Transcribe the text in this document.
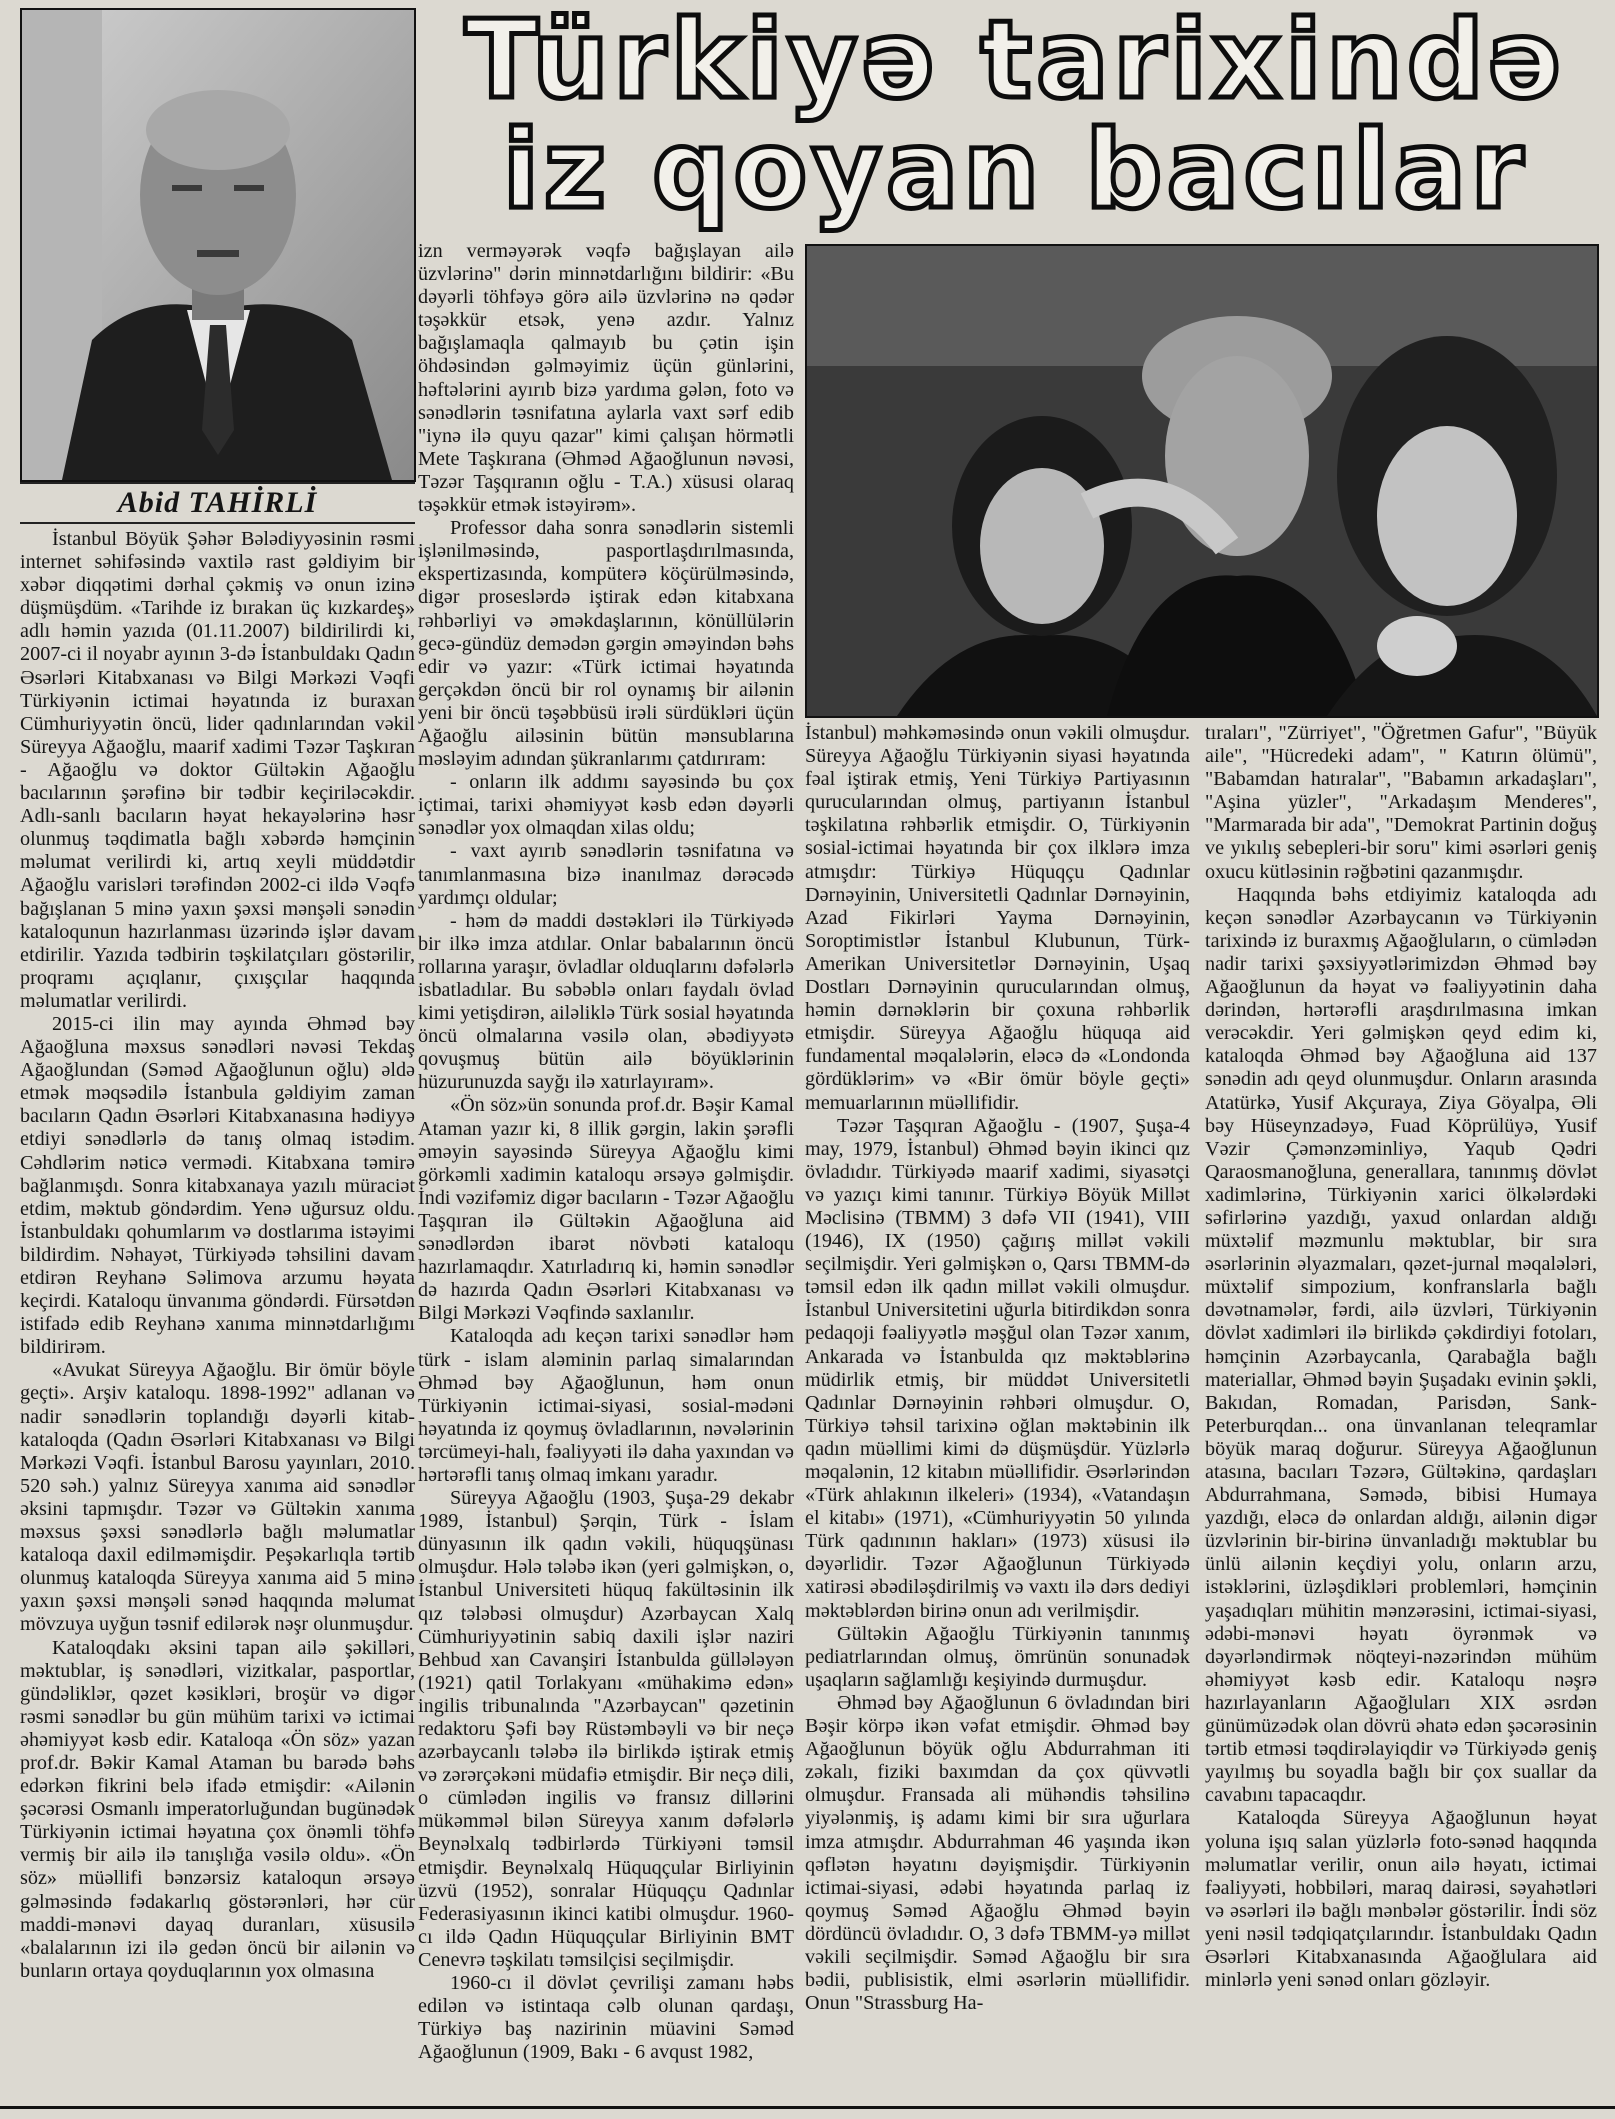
Türkiyə tarixində
iz qoyan bacılar
Abid TAHİRLİ

İstanbul Böyük Şəhər Bələdiyyəsinin rəsmi internet səhifəsində vaxtilə rast gəldiyim bir xəbər diqqətimi dərhal çəkmiş və onun izinə düşmüşdüm. «Tarihde iz bırakan üç kızkardeş» adlı həmin yazıda (01.11.2007) bildirilirdi ki, 2007-ci il noyabr ayının 3-də İstanbuldakı Qadın Əsərləri Kitabxanası və Bilgi Mərkəzi Vəqfi Türkiyənin ictimai həyatında iz buraxan Cümhuriyyətin öncü, lider qadınlarından vəkil Süreyya Ağaoğlu, maarif xadimi Təzər Taşkıran - Ağaoğlu və doktor Gültəkin Ağaoğlu bacılarının şərəfinə bir tədbir keçiriləcəkdir. Adlı-sanlı bacıların həyat hekayələrinə həsr olunmuş təqdimatla bağlı xəbərdə həmçinin məlumat verilirdi ki, artıq xeyli müddətdir Ağaoğlu varisləri tərəfindən 2002-ci ildə Vəqfə bağışlanan 5 minə yaxın şəxsi mənşəli sənədin kataloqunun hazırlanması üzərində işlər davam etdirilir. Yazıda tədbirin təşkilatçıları göstərilir, proqramı açıqlanır, çıxışçılar haqqında məlumatlar verilirdi.

2015-ci ilin may ayında Əhməd bəy Ağaoğluna məxsus sənədləri nəvəsi Tekdaş Ağaoğlundan (Səməd Ağaoğlunun oğlu) əldə etmək məqsədilə İstanbula gəldiyim zaman bacıların Qadın Əsərləri Kitabxanasına hədiyyə etdiyi sənədlərlə də tanış olmaq istədim. Cəhdlərim nəticə vermədi. Kitabxana təmirə bağlanmışdı. Sonra kitabxanaya yazılı müraciət etdim, məktub göndərdim. Yenə uğursuz oldu. İstanbuldakı qohumlarım və dostlarıma istəyimi bildirdim. Nəhayət, Türkiyədə təhsilini davam etdirən Reyhanə Səlimova arzumu həyata keçirdi. Kataloqu ünvanıma göndərdi. Fürsətdən istifadə edib Reyhanə xanıma minnətdarlığımı bildirirəm.

«Avukat Süreyya Ağaoğlu. Bir ömür böyle geçti». Arşiv kataloqu. 1898-1992" adlanan və nadir sənədlərin toplandığı dəyərli kitab-kataloqda (Qadın Əsərləri Kitabxanası və Bilgi Mərkəzi Vəqfi. İstanbul Barosu yayınları, 2010. 520 səh.) yalnız Süreyya xanıma aid sənədlər əksini tapmışdır. Təzər və Gültəkin xanıma məxsus şəxsi sənədlərlə bağlı məlumatlar kataloqa daxil edilməmişdir. Peşəkarlıqla tərtib olunmuş kataloqda Süreyya xanıma aid 5 minə yaxın şəxsi mənşəli sənəd haqqında məlumat mövzuya uyğun təsnif edilərək nəşr olunmuşdur.

Kataloqdakı əksini tapan ailə şəkilləri, məktublar, iş sənədləri, vizitkalar, pasportlar, gündəliklər, qəzet kəsikləri, broşür və digər rəsmi sənədlər bu gün mühüm tarixi və ictimai əhəmiyyət kəsb edir. Kataloqa «Ön söz» yazan prof.dr. Bəkir Kamal Ataman bu barədə bəhs edərkən fikrini belə ifadə etmişdir: «Ailənin şəcərəsi Osmanlı imperatorluğundan bugünədək Türkiyənin ictimai həyatına çox önəmli töhfə vermiş bir ailə ilə tanışlığa vəsilə oldu». «Ön söz» müəllifi bənzərsiz kataloqun ərsəyə gəlməsində fədakarlıq göstərənləri, hər cür maddi-mənəvi dayaq duranları, xüsusilə «balalarının izi ilə gedən öncü bir ailənin və bunların ortaya qoyduqlarının yox olmasına

izn verməyərək vəqfə bağışlayan ailə üzvlərinə" dərin minnətdarlığını bildirir: «Bu dəyərli töhfəyə görə ailə üzvlərinə nə qədər təşəkkür etsək, yenə azdır. Yalnız bağışlamaqla qalmayıb bu çətin işin öhdəsindən gəlməyimiz üçün günlərini, həftələrini ayırıb bizə yardıma gələn, foto və sənədlərin təsnifatına aylarla vaxt sərf edib "iynə ilə quyu qazar" kimi çalışan hörmətli Mete Taşkırana (Əhməd Ağaoğlunun nəvəsi, Təzər Taşqıranın oğlu - T.A.) xüsusi olaraq təşəkkür etmək istəyirəm».

Professor daha sonra sənədlərin sistemli işlənilməsində, pasportlaşdırılmasında, ekspertizasında, kompüterə köçürülməsində, digər proseslərdə iştirak edən kitabxana rəhbərliyi və əməkdaşlarının, könüllülərin gecə-gündüz demədən gərgin əməyindən bəhs edir və yazır: «Türk ictimai həyatında gerçəkdən öncü bir rol oynamış bir ailənin yeni bir öncü təşəbbüsü irəli sürdükləri üçün Ağaoğlu ailəsinin bütün mənsublarına məsləyim adından şükranlarımı çatdırıram:

- onların ilk addımı sayəsində bu çox içtimai, tarixi əhəmiyyət kəsb edən dəyərli sənədlər yox olmaqdan xilas oldu;

- vaxt ayırıb sənədlərin təsnifatına və tanımlanmasına bizə inanılmaz dərəcədə yardımçı oldular;

- həm də maddi dəstəkləri ilə Türkiyədə bir ilkə imza atdılar. Onlar babalarının öncü rollarına yaraşır, övladlar olduqlarını dəfələrlə isbatladılar. Bu səbəblə onları faydalı övlad kimi yetişdirən, ailəliklə Türk sosial həyatında öncü olmalarına vəsilə olan, əbədiyyətə qovuşmuş bütün ailə böyüklərinin hüzurunuzda sayğı ilə xatırlayıram».

«Ön söz»ün sonunda prof.dr. Bəşir Kamal Ataman yazır ki, 8 illik gərgin, lakin şərəfli əməyin sayəsində Süreyya Ağaoğlu kimi görkəmli xadimin kataloqu ərsəyə gəlmişdir. İndi vəzifəmiz digər bacıların - Təzər Ağaoğlu Taşqıran ilə Gültəkin Ağaoğluna aid sənədlərdən ibarət növbəti kataloqu hazırlamaqdır. Xatırladırıq ki, həmin sənədlər də hazırda Qadın Əsərləri Kitabxanası və Bilgi Mərkəzi Vəqfində saxlanılır.

Kataloqda adı keçən tarixi sənədlər həm türk - islam aləminin parlaq simalarından Əhməd bəy Ağaoğlunun, həm onun Türkiyənin ictimai-siyasi, sosial-mədəni həyatında iz qoymuş övladlarının, nəvələrinin tərcümeyi-halı, fəaliyyəti ilə daha yaxından və hərtərəfli tanış olmaq imkanı yaradır.

Süreyya Ağaoğlu (1903, Şuşa-29 dekabr 1989, İstanbul) Şərqin, Türk - İslam dünyasının ilk qadın vəkili, hüquqşünası olmuşdur. Hələ tələbə ikən (yeri gəlmişkən, o, İstanbul Universiteti hüquq fakültəsinin ilk qız tələbəsi olmuşdur) Azərbaycan Xalq Cümhuriyyətinin sabiq daxili işlər naziri Behbud xan Cavanşiri İstanbulda güllələyən (1921) qatil Torlakyanı «mühakimə edən» ingilis tribunalında "Azərbaycan" qəzetinin redaktoru Şəfi bəy Rüstəmbəyli və bir neçə azərbaycanlı tələbə ilə birlikdə iştirak etmiş və zərərçəkəni müdafiə etmişdir. Bir neçə dili, o cümlədən ingilis və fransız dillərini mükəmməl bilən Süreyya xanım dəfələrlə Beynəlxalq tədbirlərdə Türkiyəni təmsil etmişdir. Beynəlxalq Hüquqçular Birliyinin üzvü (1952), sonralar Hüquqçu Qadınlar Federasiyasının ikinci katibi olmuşdur. 1960-cı ildə Qadın Hüquqçular Birliyinin BMT Cenevrə təşkilatı təmsilçisi seçilmişdir.

1960-cı il dövlət çevrilişi zamanı həbs edilən və istintaqa cəlb olunan qardaşı, Türkiyə baş nazirinin müavini Səməd Ağaoğlunun (1909, Bakı - 6 avqust 1982,

İstanbul) məhkəməsində onun vəkili olmuşdur. Süreyya Ağaoğlu Türkiyənin siyasi həyatında fəal iştirak etmiş, Yeni Türkiyə Partiyasının qurucularından olmuş, partiyanın İstanbul təşkilatına rəhbərlik etmişdir. O, Türkiyənin sosial-ictimai həyatında bir çox ilklərə imza atmışdır: Türkiyə Hüquqçu Qadınlar Dərnəyinin, Universitetli Qadınlar Dərnəyinin, Azad Fikirləri Yayma Dərnəyinin, Soroptimistlər İstanbul Klubunun, Türk-Amerikan Universitetlər Dərnəyinin, Uşaq Dostları Dərnəyinin qurucularından olmuş, həmin dərnəklərin bir çoxuna rəhbərlik etmişdir. Süreyya Ağaoğlu hüquqa aid fundamental məqalələrin, eləcə də «Londonda gördüklərim» və «Bir ömür böyle geçti» memuarlarının müəllifidir.

Təzər Taşqıran Ağaoğlu - (1907, Şuşa-4 may, 1979, İstanbul) Əhməd bəyin ikinci qız övladıdır. Türkiyədə maarif xadimi, siyasətçi və yazıçı kimi tanınır. Türkiyə Böyük Millət Məclisinə (TBMM) 3 dəfə VII (1941), VIII (1946), IX (1950) çağırış millət vəkili seçilmişdir. Yeri gəlmişkən o, Qarsı TBMM-də təmsil edən ilk qadın millət vəkili olmuşdur. İstanbul Universitetini uğurla bitirdikdən sonra pedaqoji fəaliyyətlə məşğul olan Təzər xanım, Ankarada və İstanbulda qız məktəblərinə müdirlik etmiş, bir müddət Universitetli Qadınlar Dərnəyinin rəhbəri olmuşdur. O, Türkiyə təhsil tarixinə oğlan məktəbinin ilk qadın müəllimi kimi də düşmüşdür. Yüzlərlə məqalənin, 12 kitabın müəllifidir. Əsərlərindən «Türk ahlakının ilkeleri» (1934), «Vatandaşın el kitabı» (1971), «Cümhuriyyətin 50 yılında Türk qadınının hakları» (1973) xüsusi ilə dəyərlidir. Təzər Ağaoğlunun Türkiyədə xatirəsi əbədiləşdirilmiş və vaxtı ilə dərs dediyi məktəblərdən birinə onun adı verilmişdir.

Gültəkin Ağaoğlu Türkiyənin tanınmış pediatrlarından olmuş, ömrünün sonunadək uşaqların sağlamlığı keşiyində durmuşdur.

Əhməd bəy Ağaoğlunun 6 övladından biri Bəşir körpə ikən vəfat etmişdir. Əhməd bəy Ağaoğlunun böyük oğlu Abdurrahman iti zəkalı, fiziki baxımdan da çox qüvvətli olmuşdur. Fransada ali mühəndis təhsilinə yiyələnmiş, iş adamı kimi bir sıra uğurlara imza atmışdır. Abdurrahman 46 yaşında ikən qəflətən həyatını dəyişmişdir. Türkiyənin ictimai-siyasi, ədəbi həyatında parlaq iz qoymuş Səməd Ağaoğlu Əhməd bəyin dördüncü övladıdır. O, 3 dəfə TBMM-yə millət vəkili seçilmişdir. Səməd Ağaoğlu bir sıra bədii, publisistik, elmi əsərlərin müəllifidir. Onun "Strassburg Ha-

tıraları", "Zürriyet", "Öğretmen Gafur", "Büyük aile", "Hücredeki adam", " Katırın ölümü", "Babamdan hatıralar", "Babamın arkadaşları", "Aşina yüzler", "Arkadaşım Menderes", "Marmarada bir ada", "Demokrat Partinin doğuş ve yıkılış sebepleri-bir soru" kimi əsərləri geniş oxucu kütləsinin rəğbətini qazanmışdır.

Haqqında bəhs etdiyimiz kataloqda adı keçən sənədlər Azərbaycanın və Türkiyənin tarixində iz buraxmış Ağaoğluların, o cümlədən nadir tarixi şəxsiyyətlərimizdən Əhməd bəy Ağaoğlunun da həyat və fəaliyyətinin daha dərindən, hərtərəfli araşdırılmasına imkan verəcəkdir. Yeri gəlmişkən qeyd edim ki, kataloqda Əhməd bəy Ağaoğluna aid 137 sənədin adı qeyd olunmuşdur. Onların arasında Atatürkə, Yusif Akçuraya, Ziya Göyalpa, Əli bəy Hüseynzadəyə, Fuad Köprülüyə, Yusif Vəzir Çəmənzəminliyə, Yaqub Qədri Qaraosmanoğluna, generallara, tanınmış dövlət xadimlərinə, Türkiyənin xarici ölkələrdəki səfirlərinə yazdığı, yaxud onlardan aldığı müxtəlif məzmunlu məktublar, bir sıra əsərlərinin əlyazmaları, qəzet-jurnal məqalələri, müxtəlif simpozium, konfranslarla bağlı dəvətnamələr, fərdi, ailə üzvləri, Türkiyənin dövlət xadimləri ilə birlikdə çəkdirdiyi fotoları, həmçinin Azərbaycanla, Qarabağla bağlı materiallar, Əhməd bəyin Şuşadakı evinin şəkli, Bakıdan, Romadan, Parisdən, Sank-Peterburqdan... ona ünvanlanan teleqramlar böyük maraq doğurur. Süreyya Ağaoğlunun atasına, bacıları Təzərə, Gültəkinə, qardaşları Abdurrahmana, Səmədə, bibisi Humaya yazdığı, eləcə də onlardan aldığı, ailənin digər üzvlərinin bir-birinə ünvanladığı məktublar bu ünlü ailənin keçdiyi yolu, onların arzu, istəklərini, üzləşdikləri problemləri, həmçinin yaşadıqları mühitin mənzərəsini, ictimai-siyasi, ədəbi-mənəvi həyatı öyrənmək və dəyərləndirmək nöqteyi-nəzərindən mühüm əhəmiyyət kəsb edir. Kataloqu nəşrə hazırlayanların Ağaoğluları XIX əsrdən günümüzədək olan dövrü əhatə edən şəcərəsinin tərtib etməsi təqdirəlayiqdir və Türkiyədə geniş yayılmış bu soyadla bağlı bir çox suallar da cavabını tapacaqdır.

Kataloqda Süreyya Ağaoğlunun həyat yoluna işıq salan yüzlərlə foto-sənəd haqqında məlumatlar verilir, onun ailə həyatı, ictimai fəaliyyəti, hobbiləri, maraq dairəsi, səyahətləri və əsərləri ilə bağlı mənbələr göstərilir. İndi söz yeni nəsil tədqiqatçılarındır. İstanbuldakı Qadın Əsərləri Kitabxanasında Ağaoğlulara aid minlərlə yeni sənəd onları gözləyir.
